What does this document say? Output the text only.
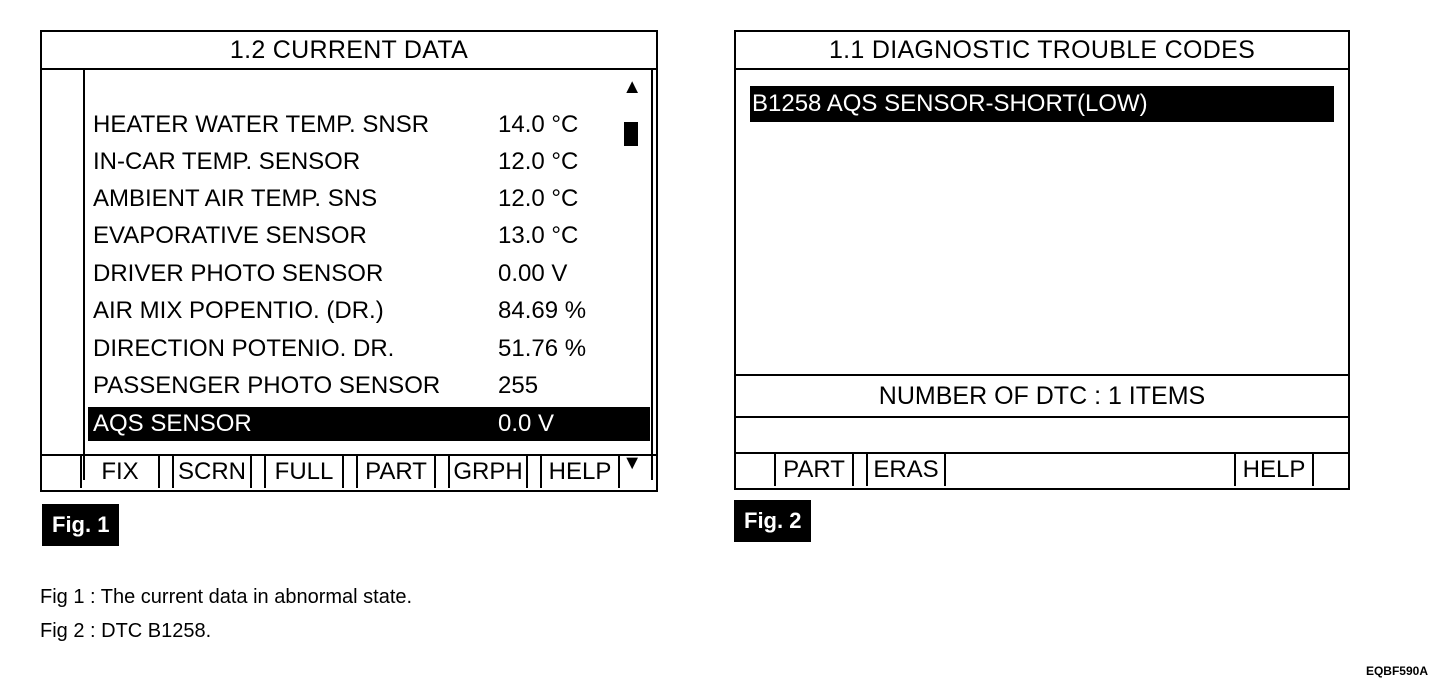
1.2 CURRENT DATA
HEATER WATER TEMP. SNSR	14.0 °C
IN-CAR TEMP. SENSOR	12.0 °C
AMBIENT AIR TEMP. SNS	12.0 °C
EVAPORATIVE SENSOR	13.0 °C
DRIVER PHOTO SENSOR	0.00 V
AIR MIX POPENTIO. (DR.)	84.69 %
DIRECTION POTENIO. DR.	51.76 %
PASSENGER PHOTO SENSOR 255
AQS SENSOR	0.0 V
▲
▼
FIX	SCRN	FULL	PART	GRPH	HELP
1.1 DIAGNOSTIC TROUBLE CODES
B1258 AQS SENSOR-SHORT(LOW)
NUMBER OF DTC : 1 ITEMS
PART	ERAS	HELP
Fig. 1	Fig. 2
Fig 1 : The current data in abnormal state.
Fig 2 : DTC B1258.
EQBF590A
